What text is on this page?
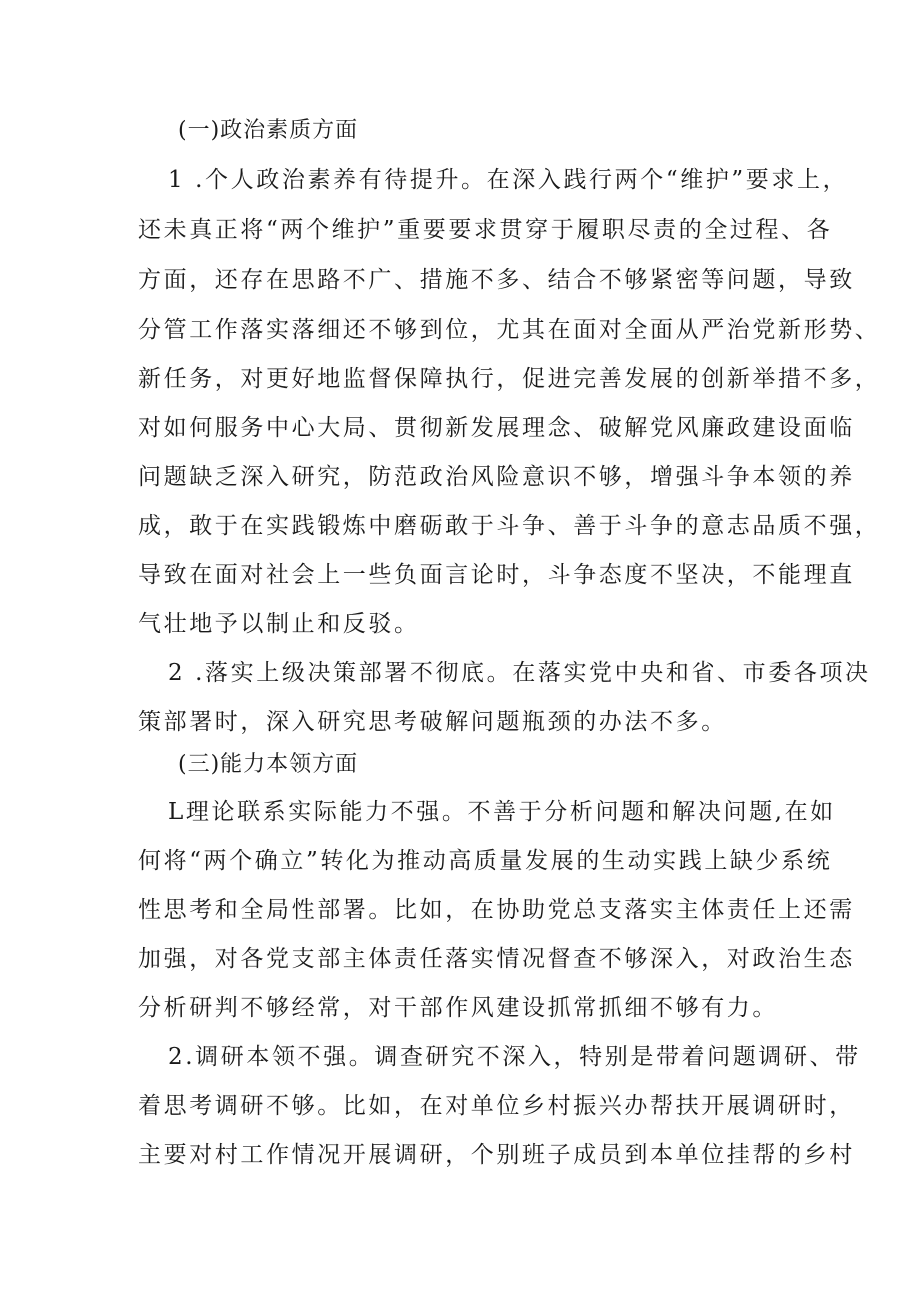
(一)政治素质方面
1 .个人政治素养有待提升。在深入践行两个“维护”要求上，
还未真正将“两个维护”重要要求贯穿于履职尽责的全过程、各
方面，还存在思路不广、措施不多、结合不够紧密等问题，导致
分管工作落实落细还不够到位，尤其在面对全面从严治党新形势、
新任务，对更好地监督保障执行，促进完善发展的创新举措不多，
对如何服务中心大局、贯彻新发展理念、破解党风廉政建设面临
问题缺乏深入研究，防范政治风险意识不够，增强斗争本领的养
成，敢于在实践锻炼中磨砺敢于斗争、善于斗争的意志品质不强，
导致在面对社会上一些负面言论时，斗争态度不坚决，不能理直
气壮地予以制止和反驳。
2 .落实上级决策部署不彻底。在落实党中央和省、市委各项决
策部署时，深入研究思考破解问题瓶颈的办法不多。
(三)能力本领方面
L理论联系实际能力不强。不善于分析问题和解决问题,在如
何将“两个确立”转化为推动高质量发展的生动实践上缺少系统
性思考和全局性部署。比如，在协助党总支落实主体责任上还需
加强，对各党支部主体责任落实情况督查不够深入，对政治生态
分析研判不够经常，对干部作风建设抓常抓细不够有力。
2.调研本领不强。调查研究不深入，特别是带着问题调研、带
着思考调研不够。比如，在对单位乡村振兴办帮扶开展调研时，
主要对村工作情况开展调研，个别班子成员到本单位挂帮的乡村
